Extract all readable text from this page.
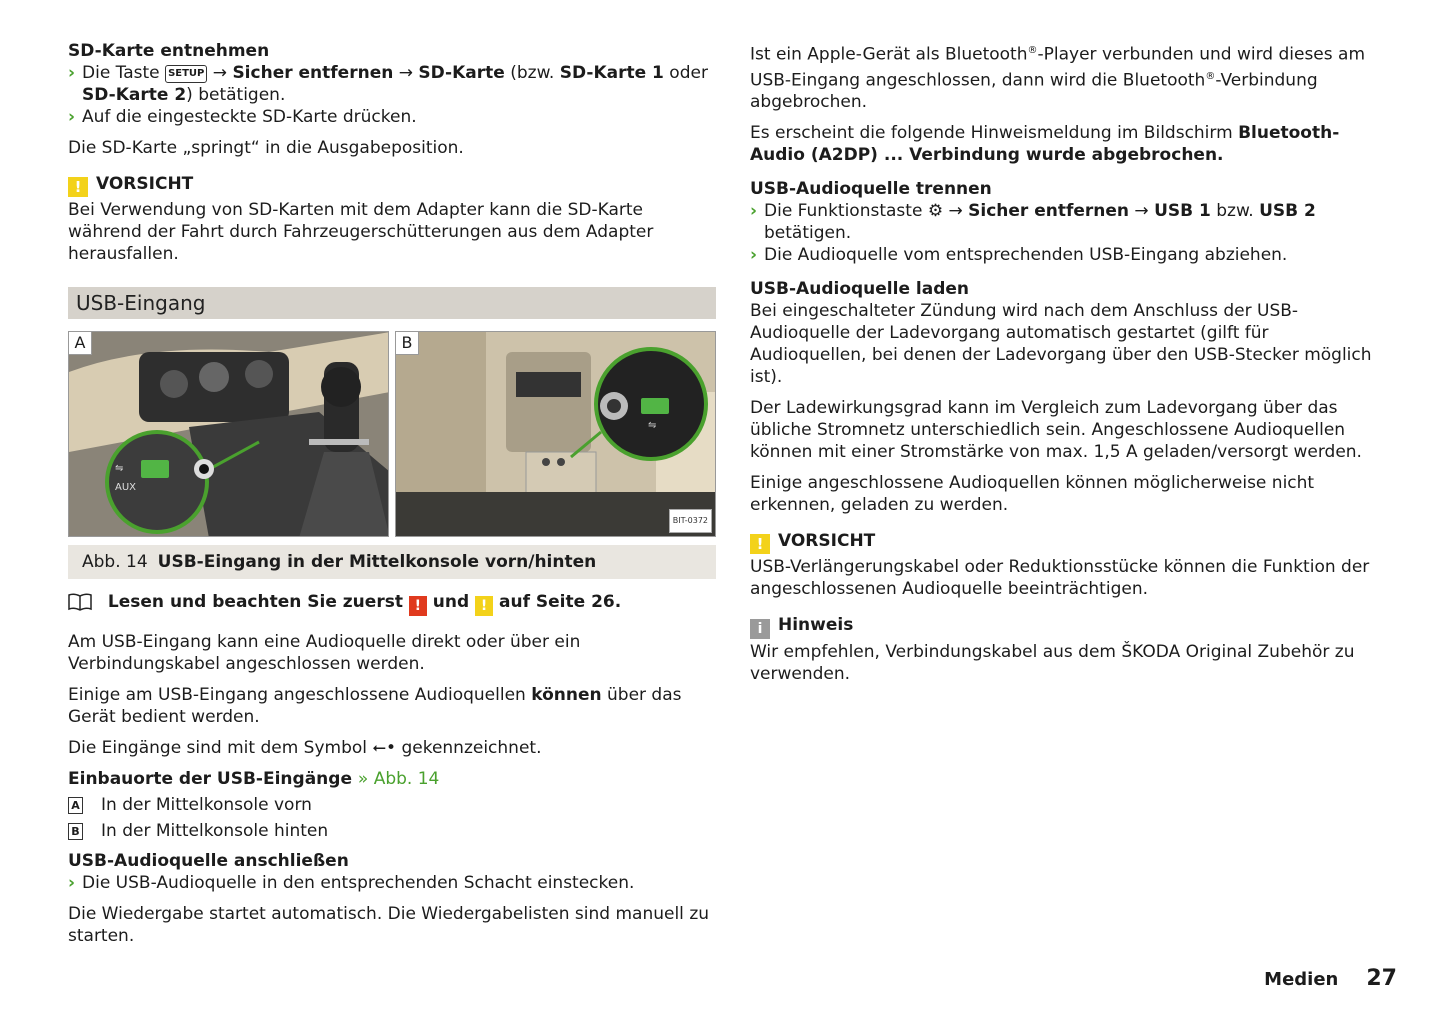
SD-Karte entnehmen

› Die Taste SETUP → Sicher entfernen → SD-Karte (bzw. SD-Karte 1 oder SD-Karte 2) betätigen.
› Auf die eingesteckte SD-Karte drücken.

Die SD-Karte „springt“ in die Ausgabeposition.

! VORSICHT

Bei Verwendung von SD-Karten mit dem Adapter kann die SD-Karte während der Fahrt durch Fahrzeugerschütterungen aus dem Adapter herausfallen.

USB-Eingang
⇋
AUX
A
⇋
B
BIT-0372
Abb. 14 USB-Eingang in der Mittelkonsole vorn/hinten
Lesen und beachten Sie zuerst ! und ! auf Seite 26.

Am USB-Eingang kann eine Audioquelle direkt oder über ein Verbindungskabel angeschlossen werden.

Einige am USB-Eingang angeschlossene Audioquellen können über das Gerät bedient werden.

Die Eingänge sind mit dem Symbol ⭠• gekennzeichnet.

Einbauorte der USB-Eingänge » Abb. 14

A In der Mittelkonsole vorn
B In der Mittelkonsole hinten

USB-Audioquelle anschließen

› Die USB-Audioquelle in den entsprechenden Schacht einstecken.

Die Wiedergabe startet automatisch. Die Wiedergabelisten sind manuell zu starten.

Ist ein Apple-Gerät als Bluetooth®-Player verbunden und wird dieses am USB-Eingang angeschlossen, dann wird die Bluetooth®-Verbindung abgebrochen.

Es erscheint die folgende Hinweismeldung im Bildschirm Bluetooth-Audio (A2DP) ... Verbindung wurde abgebrochen.

USB-Audioquelle trennen

› Die Funktionstaste ⚙ → Sicher entfernen → USB 1 bzw. USB 2 betätigen.
› Die Audioquelle vom entsprechenden USB-Eingang abziehen.

USB-Audioquelle laden

Bei eingeschalteter Zündung wird nach dem Anschluss der USB-Audioquelle der Ladevorgang automatisch gestartet (gilft für Audioquellen, bei denen der Ladevorgang über den USB-Stecker möglich ist).

Der Ladewirkungsgrad kann im Vergleich zum Ladevorgang über das übliche Stromnetz unterschiedlich sein. Angeschlossene Audioquellen können mit einer Stromstärke von max. 1,5 A geladen/versorgt werden.

Einige angeschlossene Audioquellen können möglicherweise nicht erkennen, geladen zu werden.

! VORSICHT

USB-Verlängerungskabel oder Reduktionsstücke können die Funktion der angeschlossenen Audioquelle beeinträchtigen.

i Hinweis

Wir empfehlen, Verbindungskabel aus dem ŠKODA Original Zubehör zu verwenden.

Medien 27
